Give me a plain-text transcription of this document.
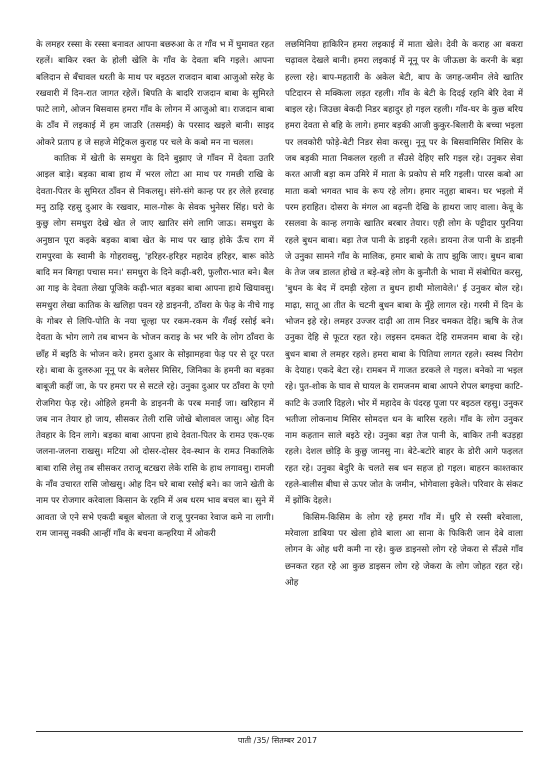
के लमहर रस्सा के रस्सा बनावत आपना बछरुआ के त गाँव भ में घुमावत रहत रहलें। बाकिर रक्त के होली खेलि के गाँव के देवता बनि गइले। आपना बलिदान से बँचावल धरती के माथ पर बइठल राजदान बाबा आजुओ सरेह के रखवारी में दिन-रात जागत रहेलें। बिपति के बादरि राजदान बाबा के सुमिरते फाटे लागे, ओजन बिसवास हमरा गाँव के लोगन में आजुओ बा। राजदान बाबा के ठाँव में लइकाई में हम जाउरि (तसमई) के परसाद खइले बानी। साइद ओकरे प्रताप ह जे सहजे मेट्रिकल कुराह पर चले के कबो मन ना चलल।

कातिक में खेती के समधुरा के दिने बुझाए जे गाँवन में देवता उतरि आइल बाड़े। बड़का बाबा हाथ में भरल लोटा आ माथ पर गमछी राखि के देवता-पितर के सुमिरत ठाँवन से निकलसु। संगे-संगे कान्ह पर हर लेले हरवाह मनु ठाढ़ि रहसु दुआर के रखवार, माल-गोरू के सेवक भुनेसर सिंह। घरो के कुछु लोग समधुरा देखे खेत ले जाए खातिर संगे लागि जाऊ। समधुरा के अनुष्ठान पूरा कइके बड़का बाबा खेत के माथ पर खाड़ होके ऊँच राग में रामपुरवा के स्वामी के गोहरावसु, 'हरिहर-हरिहर महादेव हरिहर, बारू कोठे बादि मन बिगहा पचास मन।' समधुरा के दिने कढ़ी-बरी, फुलौरा-भात बने। बैल आ गाइ के देवता लेखा पूजिके कढ़ी-भात बड़का बाबा आपना हाथे खियावसु। समधुरा लेखा कातिक के खलिहा पवन रहे डाइननी, ठाँवरा के फेड़ के नीचे गाइ के गोबर से लिपि-पोति के नया चूल्हा पर रकम-रकम के गँवई रसोई बने। देवता के भोग लागे तब बाभन के भोजन कराइ के भर भरि के लोग ठाँवरा के छाँह में बइठि के भोजन करे। हमरा दुआर के सोझामहवा फेड़ पर से दूर परत रहे। बाबा के दुलरुआ नूनू पर के बलेसर मिसिर, जिनिका के हमनी का बड़का बाबूजी कहीं जा, के पर हमरा पर से सटले रहे। उनुका दुआर पर ठाँवरा के एगो रोजगिरा फेड़ रहे। ओहिले हमनी के डाइननी के परब मनाईं जा। खरिहान में जब नान तेयार हो जाय, सीसकर तेली रासि जोखे बोलावल जासु। ओह दिन तेवहार के दिन लागे। बड़का बाबा आपना हाथे देवता-पितर के रामउ एक-एक जलना-जलना राखसु। मटिया ओ दोसर-दोसर देव-स्थान के रामउ निकालिके बाबा रासि लेसु तब सीसकर तराजू बटखरा लेके रासि के हाथ लगावसु। रामजी के नाँव उचारत रासि जोखसु। ओह दिन घरे बाबा रसोई बने। का जाने खेती के नाम पर रोजगार करेवाला किसान के रहनि में अब धरम भाव बचल बा। सुने में आवता जे एने सभे एकदी बबूल बोलता जे राजू पुरनका रेवाज कमे ना लागी। राम जानसु नक्की आन्हीं गाँव के बचना कन्हरिया में ओकरी

लछमिनिया हाकिरिन हमरा लइकाई में माता खेले। देवी के कराह आ बकरा चढ़ावल देखले बानी। हमरा लइकाई में नूनू पर के जीऊछा के करनी के बड़ा हल्ला रहे। बाप-महतारी के अकेल बेटी, बाप के जगह-जमीन लेवे खातिर पटिदारन से मक्किला लड़त रहली। गाँव के बेटी के दिदई रहनि बेरि देवा में बाइल रहे। जिउछा बेकदी निडर बहादुर हो गइल रहली। गाँव-घर के कुछ बरिय हमरा देवता से बहि के लागे। हमार बड़की आजी कुकुर-बिलारी के बच्चा भइला पर लवकोरी फोड़े-बेटी निडर सेवा करसु। नूनू पर के बिसवामिसिर मिसिर के जब बड़की माता निकलल रहली त सँउसे देहिए सरि गइल रहे। उनुकर सेवा करत आजी बड़ा कम उमिरे में माता के प्रकोप से मरि गइली। पारस कबो आ माता कबो भगवत भाव के रूप रहे लोग। हमार नतुहा बाबन। घर भइलो में परम हराहित। दोसरा के मंगल आ बढ़न्ती देखि के हाथरा जाए वाला। केवू के रसलवा के कान्ह लगाके खातिर बरबार तेयार। एही लोग के पट्टीदार पुरनिया रहले बुधन बाबा। बड़ा तेज पानी के डाइनी रहले। डायना तेज पानी के डाइनी जे उनुका सामने गाँव के मालिक, हमार बाबो के ताप झुकि जाए। बुधन बाबा के तेज जब डालत होखे त बड़े-बड़े लोग के कुनौती के भावा में संबोधित करसु, 'बुधन के बेद में दमड़ी रहेला त बुधन हाथी मोलावेले।' ई उनुकर बोल रहे। माढ़ा, सातू आ तीत के चटनी बुधन बाबा के मुँहे लागल रहे। गरमी में दिन के भोजन इहे रहे। लमहर उज्जर दाढ़ी आ ताम निडर चमकत देहि। ऋषि के तेज उनुका देहि से फूटत रहत रहे। लइसन दमकत देहि रामजनम बाबा के रहे। बुधन बाबा ले लमहर रहले। हमरा बाबा के पितिया लागत रहले। स्वस्थ निरोग के देयाह। एकदे बेटा रहे। रामबन में गाजत डरकले ले गइल। बनेको ना भइल रहे। पुत-शोक के घाव से घायल के रामजनम बाबा आपने रोपल बगइचा काटि-काटि के उजारि दिहले। भोर में महादेव के पंदरह पूजा पर बइठल रहसु। उनुकर भतीजा लोकनाथ मिसिर सोमदत्त धन के बारिस रहले। गाँव के लोग उनुकर नाम कहतान साले बइठे रहे। उनुका बड़ा तेज पानी के, बाकिर तनी बउड़हा रहले। देशल छोड़ि के कुछु जानसु ना। बेटे-बटोरे बाहर के डोरी आगे फइलत रहत रहे। उनुका बेदुरि के चलते सब धन सहज हो गइल। बाहरन काश्तकार रहले-बालीस बीघा से ऊपर जोत के जमीन, भोगेवाला इकेले। परिवार के संकट में झोंकि देहले।

किसिम-किसिम के लोग रहे हमरा गाँव में। धुरि से रस्सी बरेवाला, मरेवाला डाबिया पर खेला होवे बाला आ साना के फिकिरी जान देबे वाला लोगन के ओह धरी कमी ना रहे। कुछ डाइनसो लोग रहे जेकरा से सँउसे गाँव छनकत रहत रहे आ कुछ डाइसन लोग रहे जेकरा के लोग जोहत रहत रहे। ओह

पाती /35/ सितम्बर 2017
